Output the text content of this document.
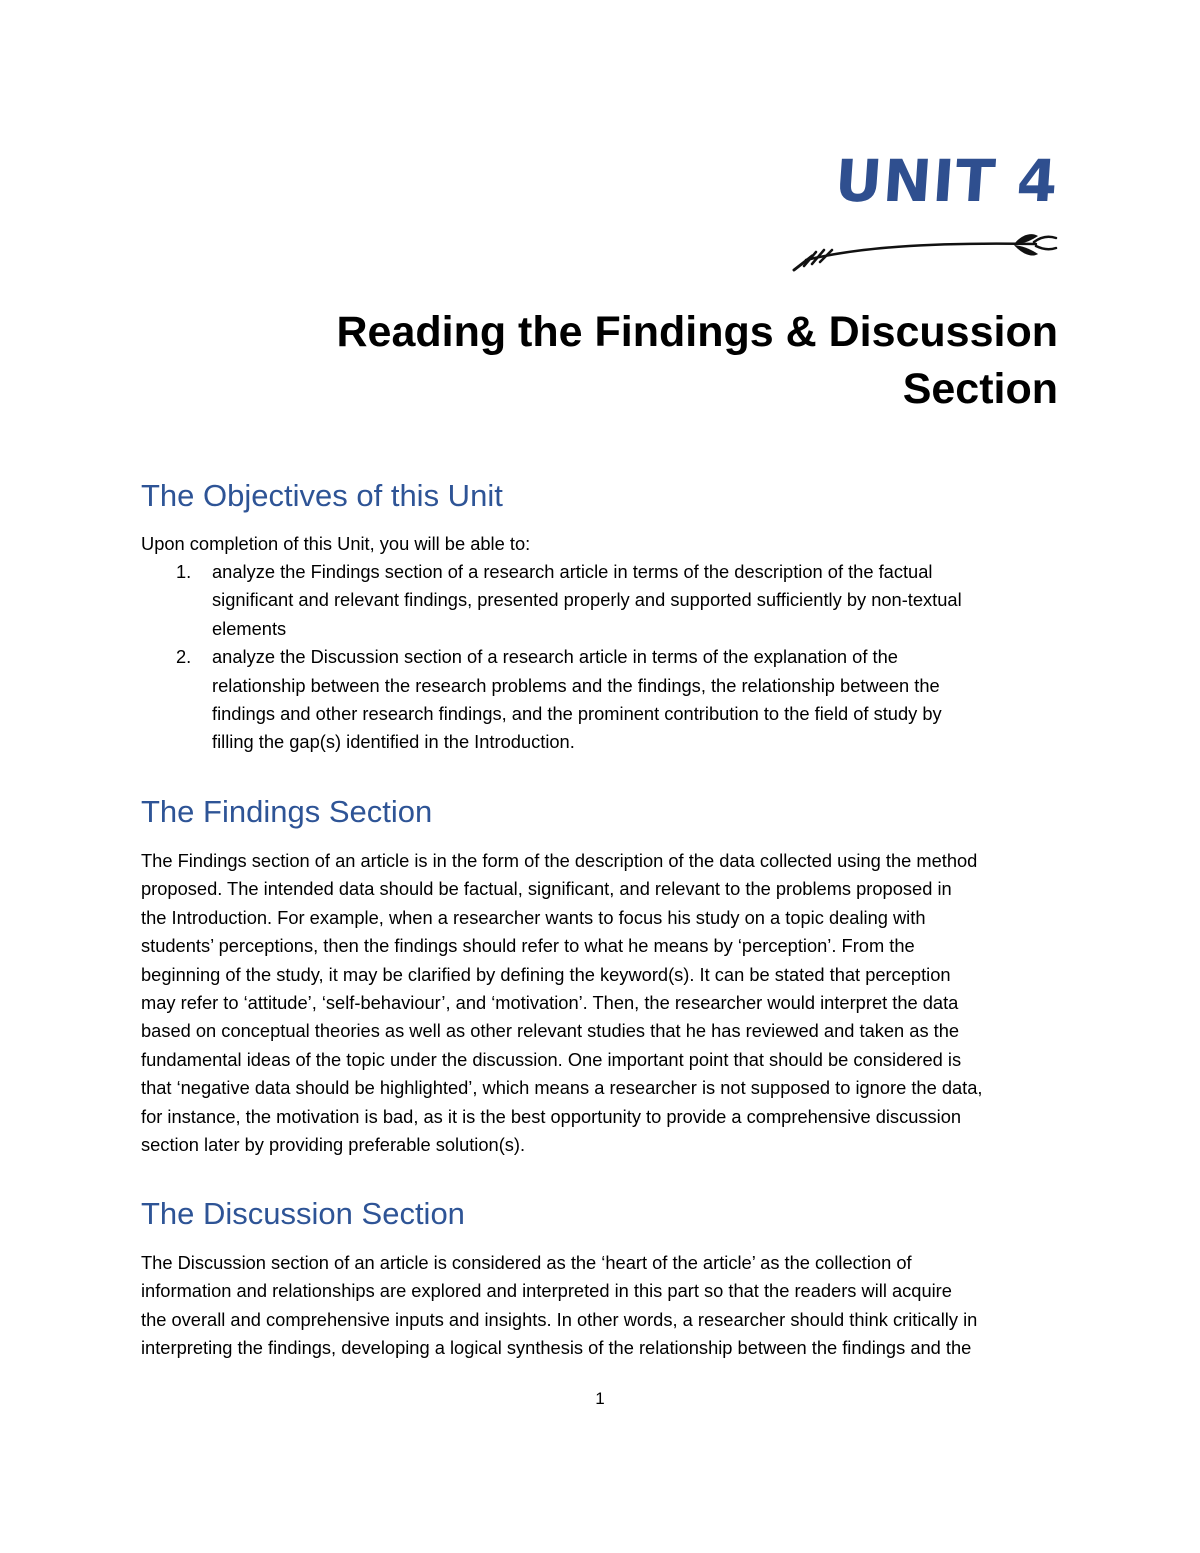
UNIT 4
Reading the Findings & Discussion
Section
The Objectives of this Unit

Upon completion of this Unit, you will be able to:

1. analyze the Findings section of a research article in terms of the description of the factual
significant and relevant findings, presented properly and supported sufficiently by non-textual
elements
2. analyze the Discussion section of a research article in terms of the explanation of the
relationship between the research problems and the findings, the relationship between the
findings and other research findings, and the prominent contribution to the field of study by
filling the gap(s) identified in the Introduction.
The Findings Section

The Findings section of an article is in the form of the description of the data collected using the method
proposed. The intended data should be factual, significant, and relevant to the problems proposed in
the Introduction. For example, when a researcher wants to focus his study on a topic dealing with
students’ perceptions, then the findings should refer to what he means by ‘perception’. From the
beginning of the study, it may be clarified by defining the keyword(s). It can be stated that perception
may refer to ‘attitude’, ‘self-behaviour’, and ‘motivation’. Then, the researcher would interpret the data
based on conceptual theories as well as other relevant studies that he has reviewed and taken as the
fundamental ideas of the topic under the discussion. One important point that should be considered is
that ‘negative data should be highlighted’, which means a researcher is not supposed to ignore the data,
for instance, the motivation is bad, as it is the best opportunity to provide a comprehensive discussion
section later by providing preferable solution(s).

The Discussion Section

The Discussion section of an article is considered as the ‘heart of the article’ as the collection of
information and relationships are explored and interpreted in this part so that the readers will acquire
the overall and comprehensive inputs and insights. In other words, a researcher should think critically in
interpreting the findings, developing a logical synthesis of the relationship between the findings and the

1
